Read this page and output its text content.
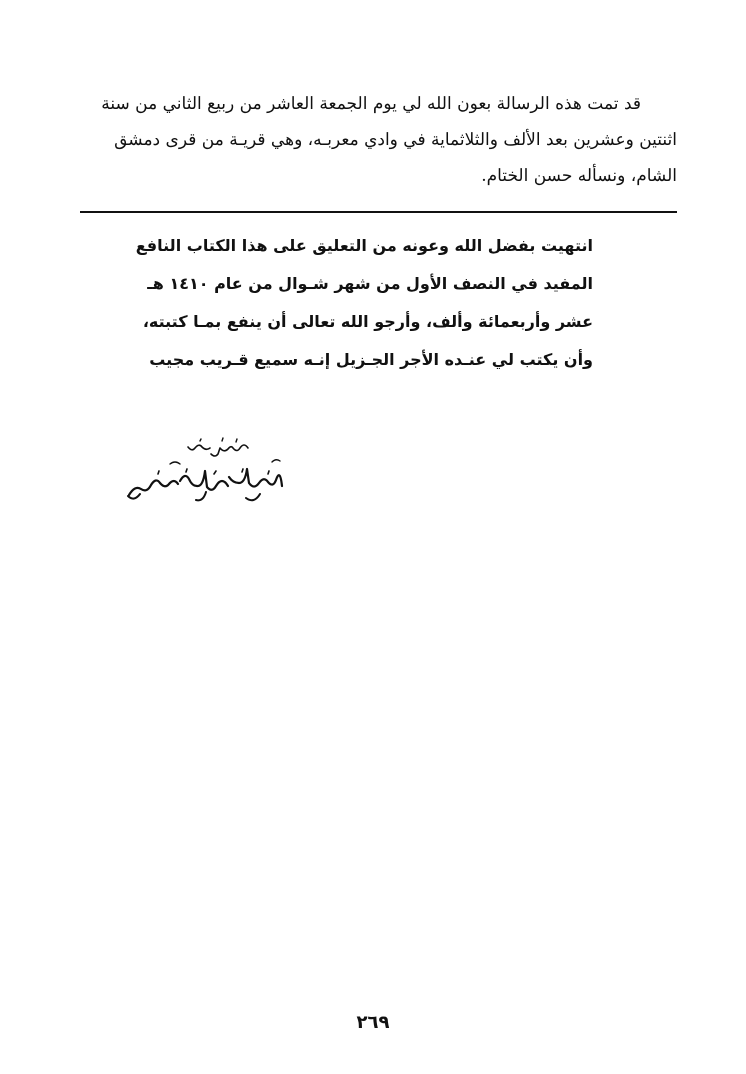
قد تمت هذه الرسالة بعون الله لي يوم الجمعة العاشر من ربيع الثاني من سنة
اثنتين وعشرين بعد الألف والثلاثماية في وادي معربـه، وهي قريـة من قرى دمشق
الشام، ونسأله حسن الختام.
انتهيت بفضل الله وعونه من التعليق على هذا الكتاب النافع
المفيد في النصف الأول من شهر شـوال من عام ١٤١٠ هـ
عشر وأربعمائة وألف، وأرجو الله تعالى أن ينفع بمـا كتبته،
وأن يكتب لي عنـده الأجر الجـزيل إنـه سميع قـريب مجيب
٢٦٩
